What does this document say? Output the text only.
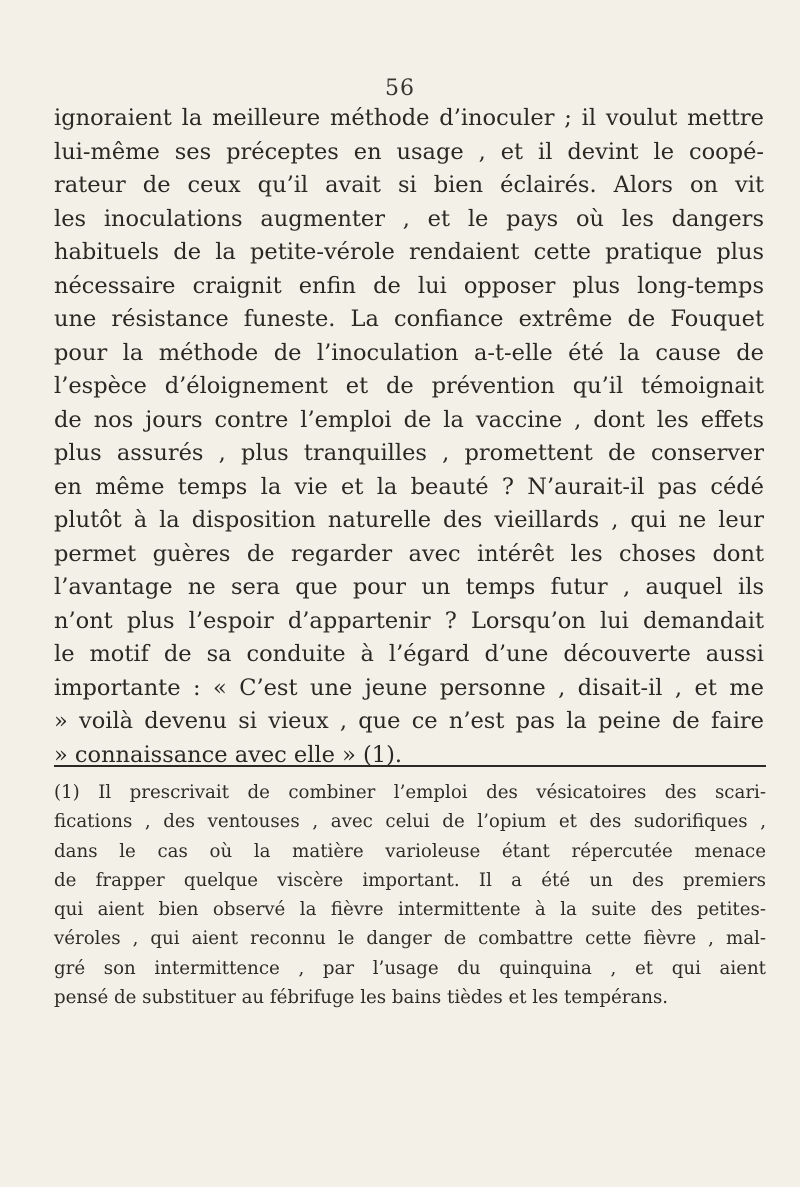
56
ignoraient la meilleure méthode d’inoculer ; il voulut mettre
lui-même ses préceptes en usage , et il devint le coopé-
rateur de ceux qu’il avait si bien éclairés. Alors on vit
les inoculations augmenter , et le pays où les dangers
habituels de la petite-vérole rendaient cette pratique plus
nécessaire craignit enfin de lui opposer plus long-temps
une résistance funeste. La confiance extrême de Fouquet
pour la méthode de l’inoculation a-t-elle été la cause de
l’espèce d’éloignement et de prévention qu’il témoignait
de nos jours contre l’emploi de la vaccine , dont les effets
plus assurés , plus tranquilles , promettent de conserver
en même temps la vie et la beauté ? N’aurait-il pas cédé
plutôt à la disposition naturelle des vieillards , qui ne leur
permet guères de regarder avec intérêt les choses dont
l’avantage ne sera que pour un temps futur , auquel ils
n’ont plus l’espoir d’appartenir ? Lorsqu’on lui demandait
le motif de sa conduite à l’égard d’une découverte aussi
importante : « C’est une jeune personne , disait-il , et me
» voilà devenu si vieux , que ce n’est pas la peine de faire
» connaissance avec elle » (1).
(1) Il prescrivait de combiner l’emploi des vésicatoires des scari-
fications , des ventouses , avec celui de l’opium et des sudorifiques ,
dans le cas où la matière varioleuse étant répercutée menace
de frapper quelque viscère important. Il a été un des premiers
qui aient bien observé la fièvre intermittente à la suite des petites-
véroles , qui aient reconnu le danger de combattre cette fièvre , mal-
gré son intermittence , par l’usage du quinquina , et qui aient
pensé de substituer au fébrifuge les bains tièdes et les tempérans.
